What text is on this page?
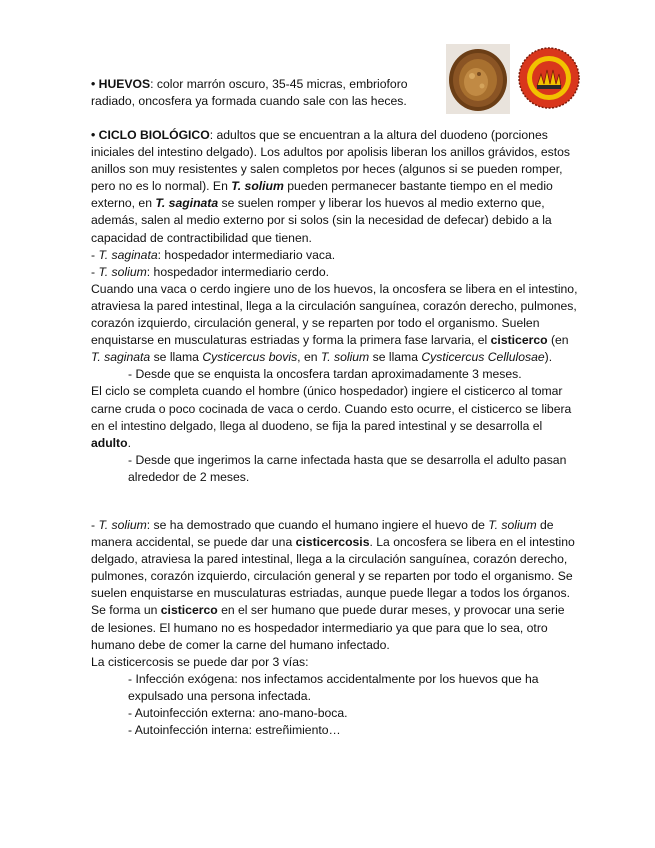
• HUEVOS: color marrón oscuro, 35-45 micras, embrioforo
radiado, oncosfera ya formada cuando sale con las heces.

• CICLO BIOLÓGICO: adultos que se encuentran a la altura del duodeno (porciones iniciales del intestino delgado). Los adultos por apolisis liberan los anillos grávidos, estos anillos son muy resistentes y salen completos por heces (algunos si se pueden romper, pero no es lo normal). En T. solium pueden permanecer bastante tiempo en el medio externo, en T. saginata se suelen romper y liberar los huevos al medio externo que, además, salen al medio externo por si solos (sin la necesidad de defecar) debido a la capacidad de contractibilidad que tienen.

- T. saginata: hospedador intermediario vaca.

- T. solium: hospedador intermediario cerdo.

Cuando una vaca o cerdo ingiere uno de los huevos, la oncosfera se libera en el intestino, atraviesa la pared intestinal, llega a la circulación sanguínea, corazón derecho, pulmones, corazón izquierdo, circulación general, y se reparten por todo el organismo. Suelen enquistarse en musculaturas estriadas y forma la primera fase larvaria, el cisticerco (en T. saginata se llama Cysticercus bovis, en T. solium se llama Cysticercus Cellulosae).

- Desde que se enquista la oncosfera tardan aproximadamente 3 meses.

El ciclo se completa cuando el hombre (único hospedador) ingiere el cisticerco al tomar carne cruda o poco cocinada de vaca o cerdo. Cuando esto ocurre, el cisticerco se libera en el intestino delgado, llega al duodeno, se fija la pared intestinal y se desarrolla el adulto.

- Desde que ingerimos la carne infectada hasta que se desarrolla el adulto pasan alrededor de 2 meses.

- T. solium: se ha demostrado que cuando el humano ingiere el huevo de T. solium de manera accidental, se puede dar una cisticercosis. La oncosfera se libera en el intestino delgado, atraviesa la pared intestinal, llega a la circulación sanguínea, corazón derecho, pulmones, corazón izquierdo, circulación general y se reparten por todo el organismo. Se suelen enquistarse en musculaturas estriadas, aunque puede llegar a todos los órganos. Se forma un cisticerco en el ser humano que puede durar meses, y provocar una serie de lesiones. El humano no es hospedador intermediario ya que para que lo sea, otro humano debe de comer la carne del humano infectado.

La cisticercosis se puede dar por 3 vías:

- Infección exógena: nos infectamos accidentalmente por los huevos que ha expulsado una persona infectada.

- Autoinfección externa: ano-mano-boca.

- Autoinfección interna: estreñimiento…
